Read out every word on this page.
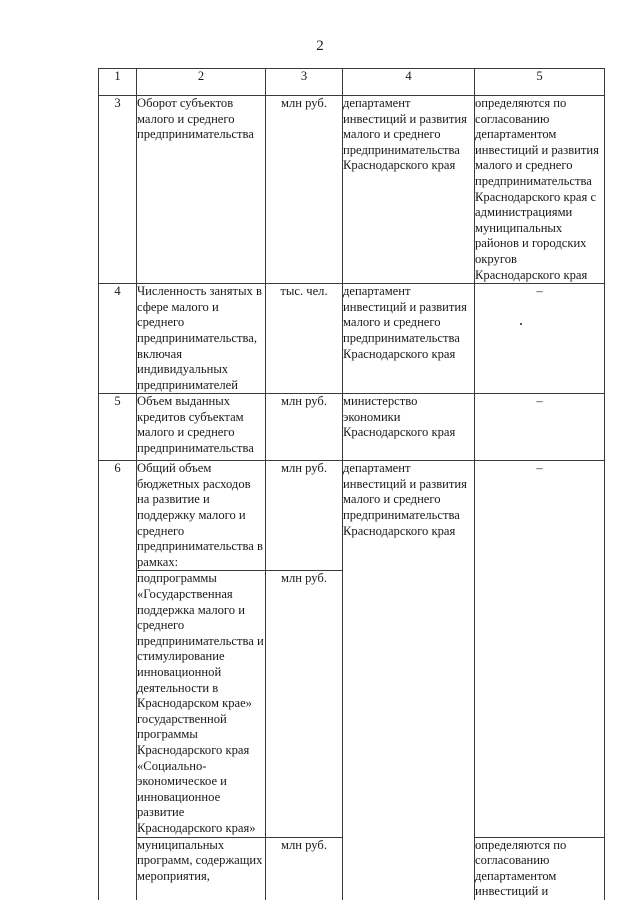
2
1	2	3	4	5
3	Оборот субъектов малого и среднего предпринимательства	млн руб.	департамент инвестиций и развития малого и среднего предпринимательства Краснодарского края	определяются по согласованию департаментом инвестиций и развития малого и среднего предпринимательства Краснодарского края с администрациями муниципальных районов и городских округов Краснодарского края
4	Численность занятых в сфере малого и среднего предпринимательства, включая индивидуальных предпринимателей	тыс. чел.	департамент инвестиций и развития малого и среднего предпринимательства Краснодарского края	–
5	Объем выданных кредитов субъектам малого и среднего предпринимательства	млн руб.	министерство экономики Краснодарского края	–
6	Общий объем бюджетных расходов на развитие и поддержку малого и среднего предпринимательства в рамках:	млн руб.	департамент инвестиций и развития малого и среднего предпринимательства Краснодарского края	–
	подпрограммы «Государственная поддержка малого и среднего предпринимательства и стимулирование инновационной деятельности в Краснодарском крае» государственной программы Краснодарского края «Социально-экономическое и инновационное развитие Краснодарского края»	млн руб.		
	муниципальных программ, содержащих мероприятия,	млн руб.		определяются по согласованию департаментом инвестиций и
